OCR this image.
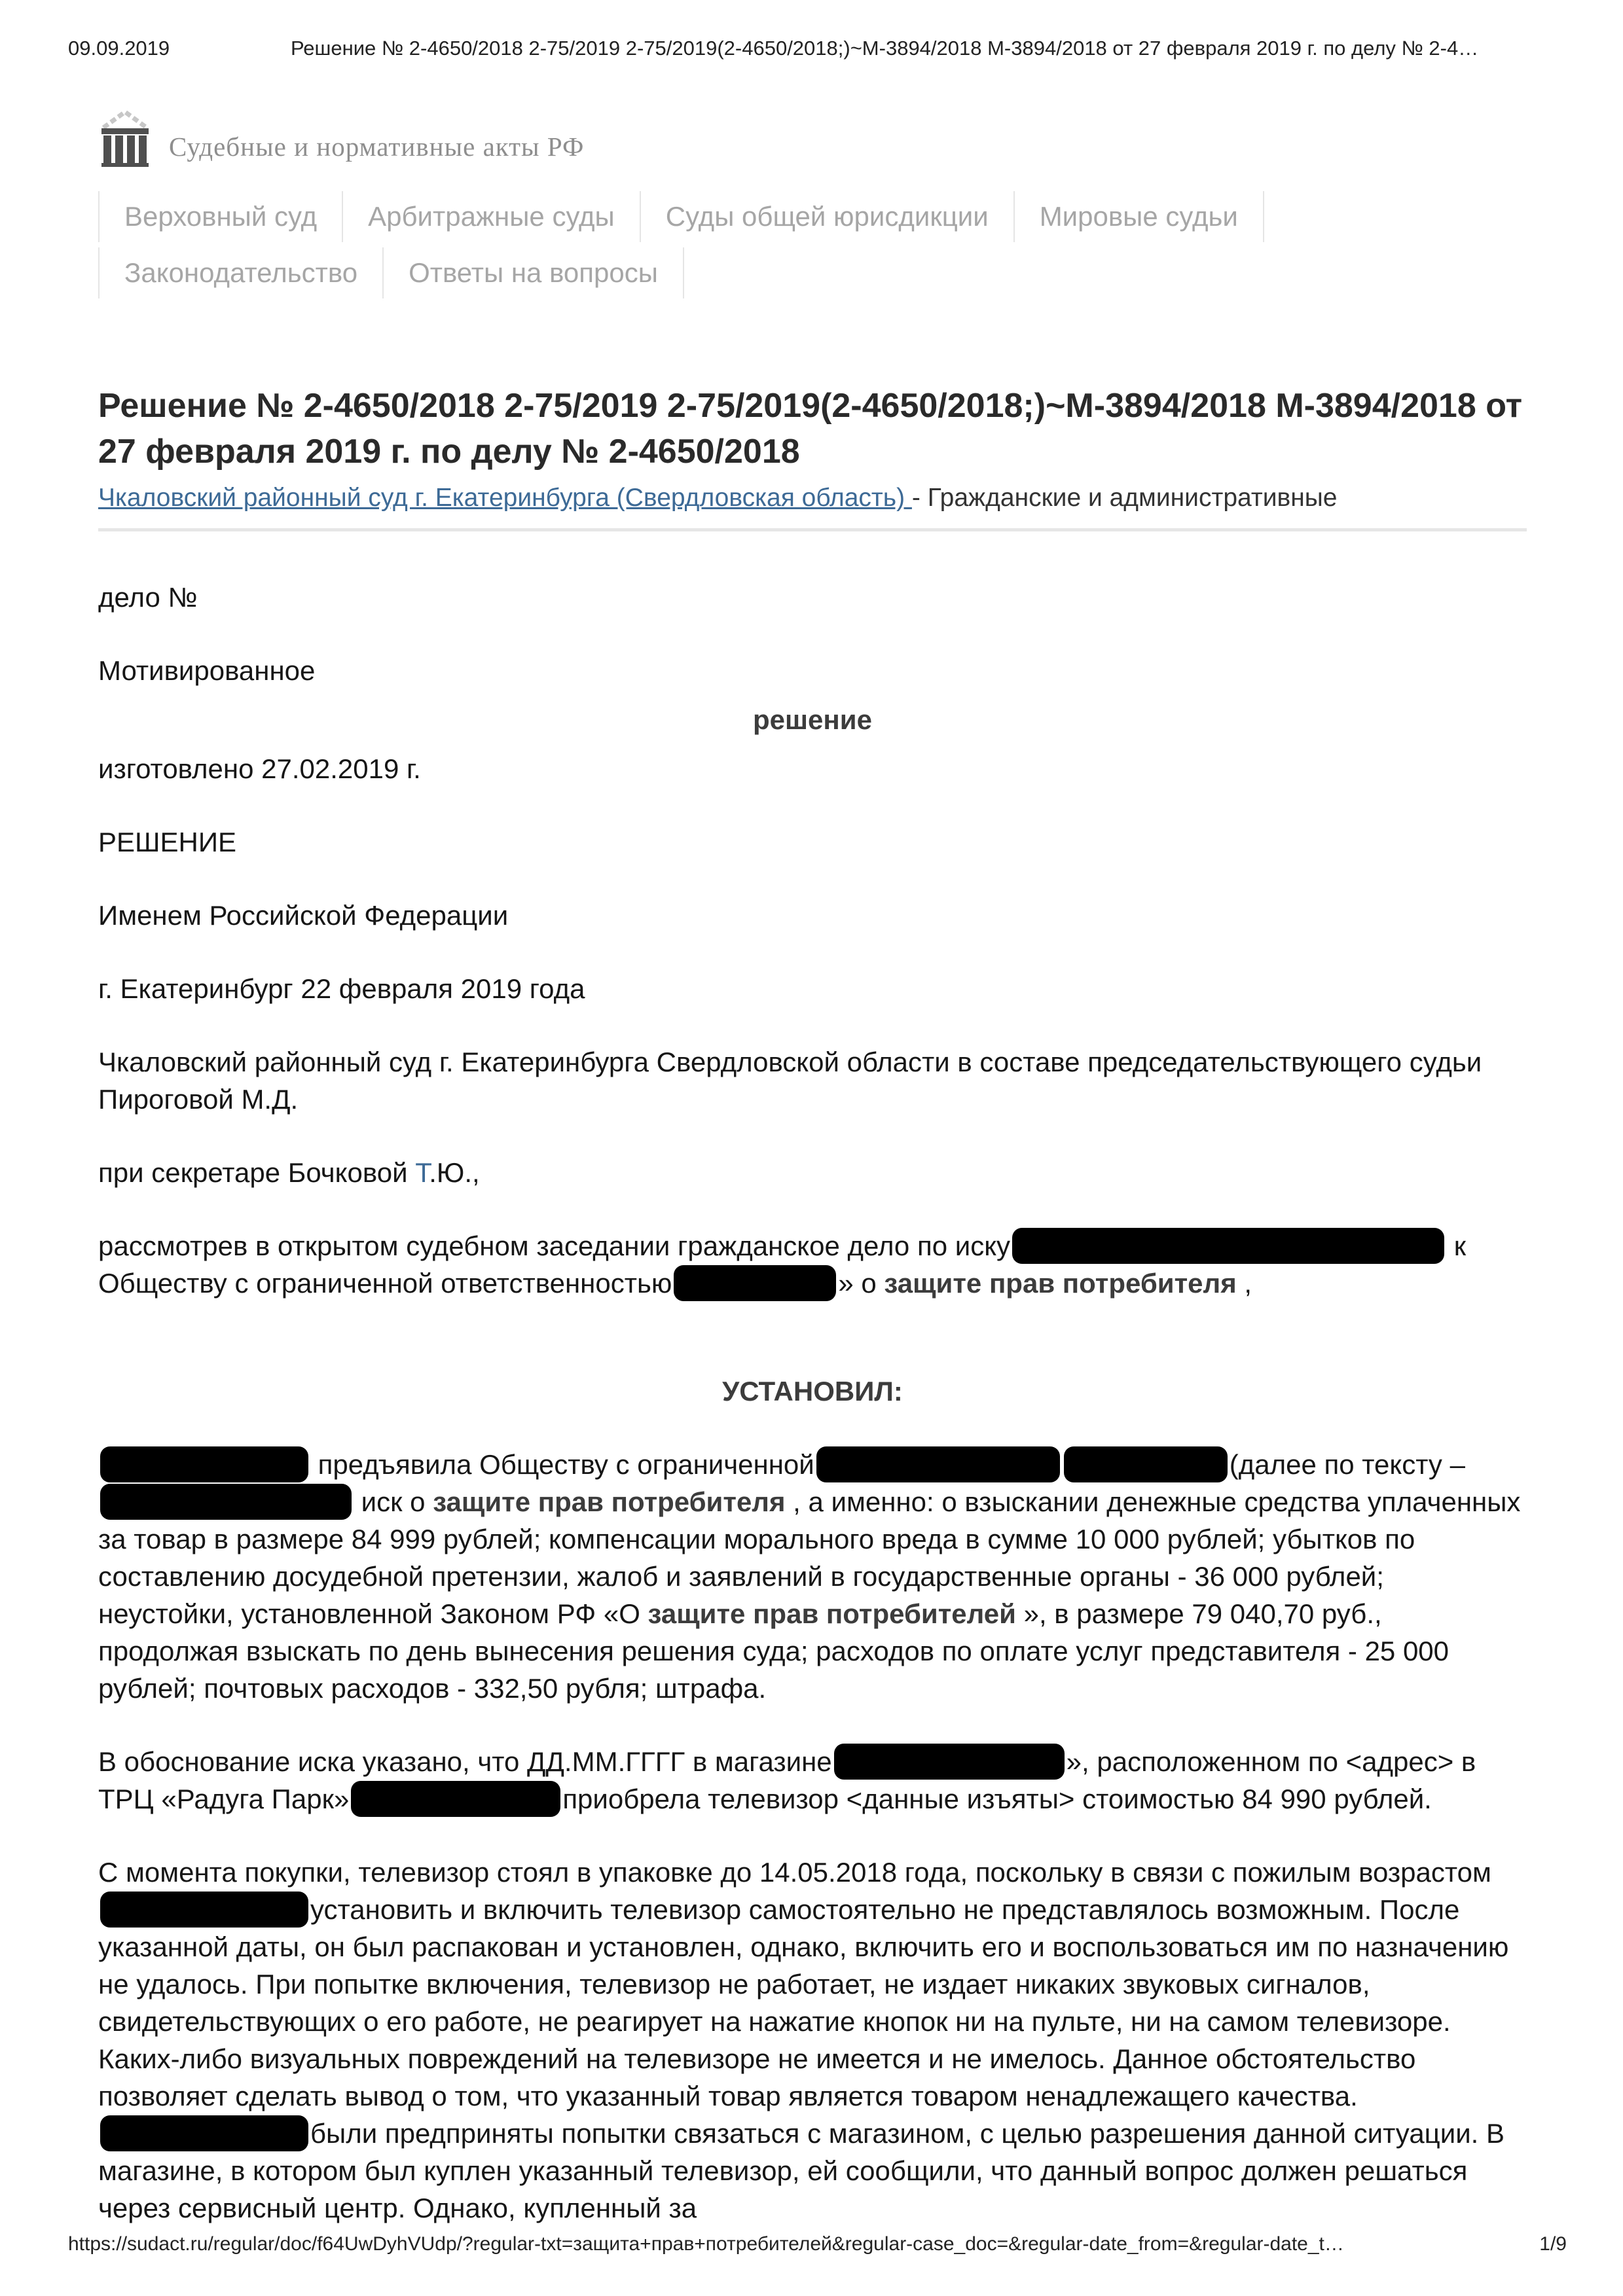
09.09.2019	Решение № 2-4650/2018 2-75/2019 2-75/2019(2-4650/2018;)~М-3894/2018 М-3894/2018 от 27 февраля 2019 г. по делу № 2-4…
Судебные и нормативные акты РФ
Верховный суд	Арбитражные суды	Суды общей юрисдикции	Мировые судьи
Законодательство	Ответы на вопросы
Решение № 2-4650/2018 2-75/2019 2-75/2019(2-4650/2018;)~М-3894/2018 М-3894/2018 от 27 февраля 2019 г. по делу № 2-4650/2018
Чкаловский районный суд г. Екатеринбурга (Свердловская область) - Гражданские и административные
дело №
Мотивированное
решение
изготовлено 27.02.2019 г.
РЕШЕНИЕ
Именем Российской Федерации
г. Екатеринбург 22 февраля 2019 года
Чкаловский районный суд г. Екатеринбурга Свердловской области в составе председательствующего судьи Пироговой М.Д.
при секретаре Бочковой Т.Ю.,
рассмотрев в открытом судебном заседании гражданское дело по иску	к Обществу с ограниченной ответственностью	» о защите прав потребителя ,
УСТАНОВИЛ:
предъявила Обществу с ограниченной	(далее по тексту – иск о защите прав потребителя , а именно: о взыскании денежные средства уплаченных за товар в размере 84 999 рублей; компенсации морального вреда в сумме 10 000 рублей; убытков по составлению досудебной претензии, жалоб и заявлений в государственные органы - 36 000 рублей; неустойки, установленной Законом РФ «О защите прав потребителей », в размере 79 040,70 руб., продолжая взыскать по день вынесения решения суда; расходов по оплате услуг представителя - 25 000 рублей; почтовых расходов - 332,50 рубля; штрафа.
В обоснование иска указано, что ДД.ММ.ГГГГ в магазине	», расположенном по <адрес> в ТРЦ «Радуга Парк»	приобрела телевизор <данные изъяты> стоимостью 84 990 рублей.
С момента покупки, телевизор стоял в упаковке до 14.05.2018 года, поскольку в связи с пожилым возрастомустановить и включить телевизор самостоятельно не представлялось возможным. После указанной даты, он был распакован и установлен, однако, включить его и воспользоваться им по назначению не удалось. При попытке включения, телевизор не работает, не издает никаких звуковых сигналов, свидетельствующих о его работе, не реагирует на нажатие кнопок ни на пульте, ни на самом телевизоре. Каких-либо визуальных повреждений на телевизоре не имеется и не имелось. Данное обстоятельство позволяет сделать вывод о том, что указанный товар является товаром ненадлежащего качества.были предприняты попытки связаться с магазином, с целью разрешения данной ситуации. В магазине, в котором был куплен указанный телевизор, ей сообщили, что данный вопрос должен решаться через сервисный центр. Однако, купленный за
https://sudact.ru/regular/doc/f64UwDyhVUdp/?regular-txt=защита+прав+потребителей&regular-case_doc=&regular-date_from=&regular-date_t…	1/9
